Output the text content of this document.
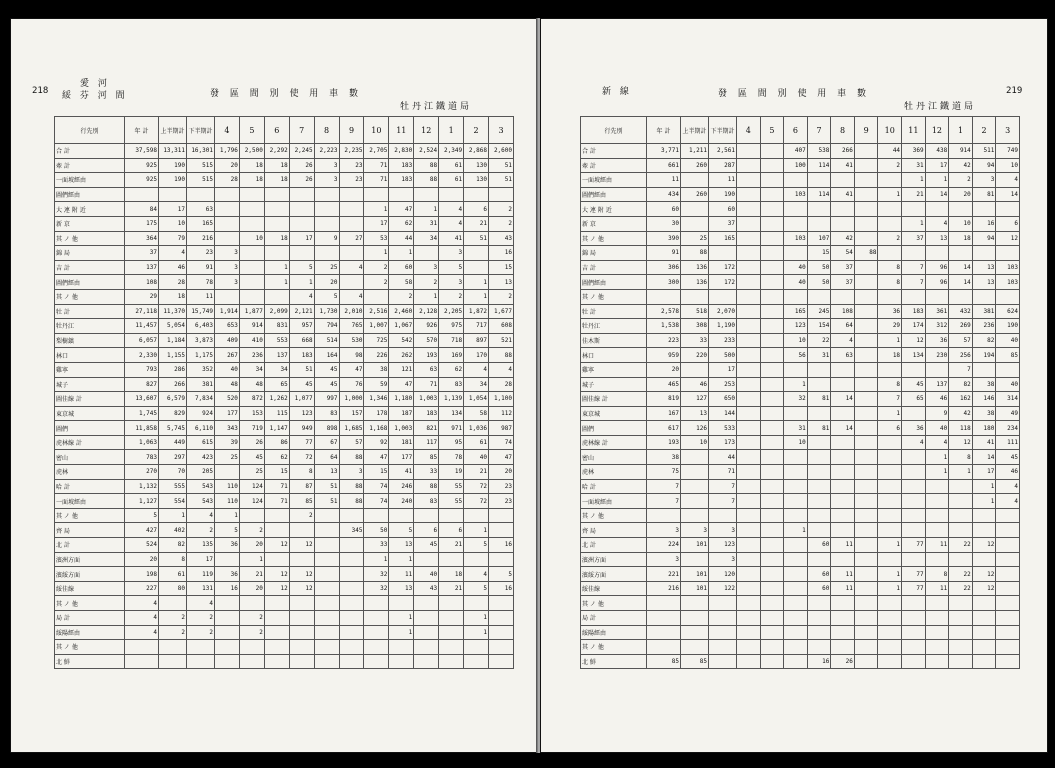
218
愛 河
綏 芬 河 間	發 區 間 別 使 用 車 數
牡丹江鐵道局
行先別	年 計	上半期計	下半期計	4	5	6	7	8	9	10	11	12	1	2	3
合 計	37,598	13,311	16,301	1,796	2,500	2,292	2,245	2,223	2,235	2,705	2,830	2,524	2,349	2,868	2,600
牽 計	925	190	515	20	18	18	26	3	23	71	183	88	61	130	51
一面坡經由	925	190	515	28	18	18	26	3	23	71	183	88	61	130	51
圖們經由															
大 連 附 近	84	17	63							1	47	1	4	6	2
新 京	175	10	165							17	62	31	4	21	2
其 ノ 他	364	79	216		10	18	17	9	27	53	44	34	41	51	43
錦 局	37	4	23	3						1	1		3		16
吉 計	137	46	91	3		1	5	25	4	2	60	3	5		15
圖們經由	108	28	78	3		1	1	20		2	58	2	3	1	13
其 ノ 他	29	18	11				4	5	4		2	1	2	1	2
牡 計	27,118	11,370	15,749	1,914	1,877	2,099	2,121	1,730	2,010	2,516	2,460	2,128	2,205	1,872	1,677
牡丹江	11,457	5,054	6,403	653	914	831	957	794	765	1,007	1,067	926	975	717	608
梨樹鎮	6,057	1,184	3,873	409	410	553	668	514	530	725	542	570	718	897	521
林口	2,330	1,155	1,175	267	236	137	183	164	98	226	262	193	169	170	88
雞寧	793	286	352	40	34	34	51	45	47	38	121	63	62	4	4
城子	827	266	381	48	48	65	45	45	76	59	47	71	83	34	28
圖佳線 計	13,607	6,579	7,834	520	872	1,262	1,077	997	1,000	1,346	1,180	1,003	1,139	1,054	1,100
東京城	1,745	829	924	177	153	115	123	83	157	178	187	183	134	58	112
圖們	11,858	5,745	6,110	343	719	1,147	949	898	1,685	1,168	1,003	821	971	1,036	987
虎林線 計	1,063	449	615	39	26	86	77	67	57	92	181	117	95	61	74
密山	783	297	423	25	45	62	72	64	88	47	177	85	78	40	47
虎林	270	70	205		25	15	8	13	3	15	41	33	19	21	20
哈 計	1,132	555	543	110	124	71	87	51	88	74	246	88	55	72	23
一面坡經由	1,127	554	543	110	124	71	85	51	88	74	240	83	55	72	23
其 ノ 他	5	1	4	1			2								
齊 局	427	402	2	5	2				345	50	5	6	6	1	
北 計	524	82	135	36	20	12	12			33	13	45	21	5	16
濱洲方面	20	8	17		1					1	1				
濱綏方面	198	61	119	36	21	12	12			32	11	40	18	4	5
綏佳線	227	80	131	16	20	12	12			32	13	43	21	5	16
其 ノ 他	4		4												
局 計	4	2	2		2						1			1	
綏陽經由	4	2	2		2						1			1	
其 ノ 他															
北 鮮															
新 線	發 區 間 別 使 用 車 數
牡丹江鐵道局
219
行先別	年 計	上半期計	下半期計	4	5	6	7	8	9	10	11	12	1	2	3
合 計	3,771	1,211	2,561			407	538	266		44	369	438	914	511	749
牽 計	661	260	287			100	114	41		2	31	17	42	94	10
一面坡經由	11		11								1	1	2	3	4
圖們經由	434	260	190			103	114	41		1	21	14	20	81	14
大 連 附 近	60		60												
新 京	30		37								1	4	10	16	6
其 ノ 他	390	25	165			103	107	42		2	37	13	18	94	12
錦 局	91	88					15	54	88						
吉 計	306	136	172			40	50	37		8	7	96	14	13	103
圖們經由	300	136	172			40	50	37		8	7	96	14	13	103
其 ノ 他															
牡 計	2,578	518	2,070			165	245	108		36	183	361	432	381	624
牡丹江	1,538	308	1,190			123	154	64		29	174	312	269	236	190
佳木斯	223	33	233			10	22	4		1	12	36	57	82	40
林口	959	220	500			56	31	63		18	134	230	256	194	85
雞寧	20		17										7		
城子	465	46	253			1				8	45	137	82	38	40
圖佳線 計	819	127	650			32	81	14		7	65	46	162	146	314
東京城	167	13	144							1		9	42	38	49
圖們	617	126	533			31	81	14		6	36	40	118	180	234
虎林線 計	193	10	173			10					4	4	12	41	111
密山	38		44									1	8	14	45
虎林	75		71									1	1	17	46
哈 計	7		7											1	4
一面坡經由	7		7											1	4
其 ノ 他															
齊 局	3	3	3			1									
北 計	224	101	123				60	11		1	77	11	22	12	
濱洲方面	3		3												
濱綏方面	221	101	120				60	11		1	77	8	22	12	
綏佳線	216	101	122				60	11		1	77	11	22	12	
其 ノ 他															
局 計															
綏陽經由															
其 ノ 他															
北 鮮	85	85					16	26							
